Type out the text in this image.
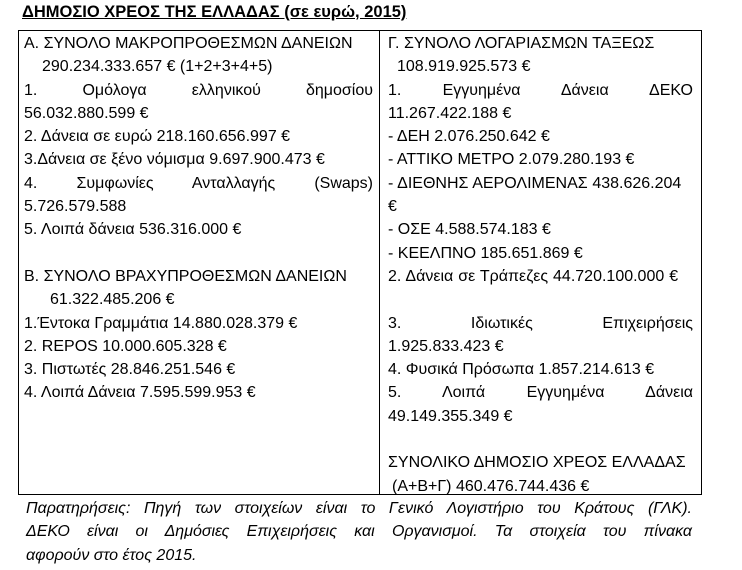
ΔΗΜΟΣΙΟ ΧΡΕΟΣ ΤΗΣ ΕΛΛΑΔΑΣ (σε ευρώ, 2015)
Α. ΣΥΝΟΛΟ ΜΑΚΡΟΠΡΟΘΕΣΜΩΝ ΔΑΝΕΙΩΝ
290.234.333.657 € (1+2+3+4+5)
1.	Ομόλογα	ελληνικού	δημοσίου
56.032.880.599 €
2. Δάνεια σε ευρώ 218.160.656.997 €
3.Δάνεια σε ξένο νόμισμα 9.697.900.473 €
4. Συμφωνίες Ανταλλαγής (Swaps)
5.726.579.588
5. Λοιπά δάνεια 536.316.000 €
Β. ΣΥΝΟΛΟ ΒΡΑΧΥΠΡΟΘΕΣΜΩΝ ΔΑΝΕΙΩΝ
61.322.485.206 €
1.Έντοκα Γραμμάτια 14.880.028.379 €
2. REPOS 10.000.605.328 €
3. Πιστωτές 28.846.251.546 €
4. Λοιπά Δάνεια 7.595.599.953 €
Γ. ΣΥΝΟΛΟ ΛΟΓΑΡΙΑΣΜΩΝ ΤΑΞΕΩΣ
108.919.925.573 €
1.	Εγγυημένα	Δάνεια	ΔΕΚΟ
11.267.422.188 €
- ΔΕΗ 2.076.250.642 €
- ΑΤΤΙΚΟ ΜΕΤΡΟ 2.079.280.193 €
- ΔΙΕΘΝΗΣ ΑΕΡΟΛΙΜΕΝΑΣ 438.626.204 €
- ΟΣΕ 4.588.574.183 €
- ΚΕΕΛΠΝΟ 185.651.869 €
2. Δάνεια σε Τράπεζες 44.720.100.000 €
3.	Ιδιωτικές	Επιχειρήσεις
1.925.833.423 €
4. Φυσικά Πρόσωπα 1.857.214.613 €
5.	Λοιπά	Εγγυημένα	Δάνεια
49.149.355.349 €
ΣΥΝΟΛΙΚΟ ΔΗΜΟΣΙΟ ΧΡΕΟΣ ΕΛΛΑΔΑΣ
(Α+Β+Γ) 460.476.744.436 €
Παρατηρήσεις: Πηγή των στοιχείων είναι το Γενικό Λογιστήριο του Κράτους (ΓΛΚ).
ΔΕΚΟ είναι οι Δημόσιες Επιχειρήσεις και Οργανισμοί. Τα στοιχεία του πίνακα
αφορούν στο έτος 2015.
